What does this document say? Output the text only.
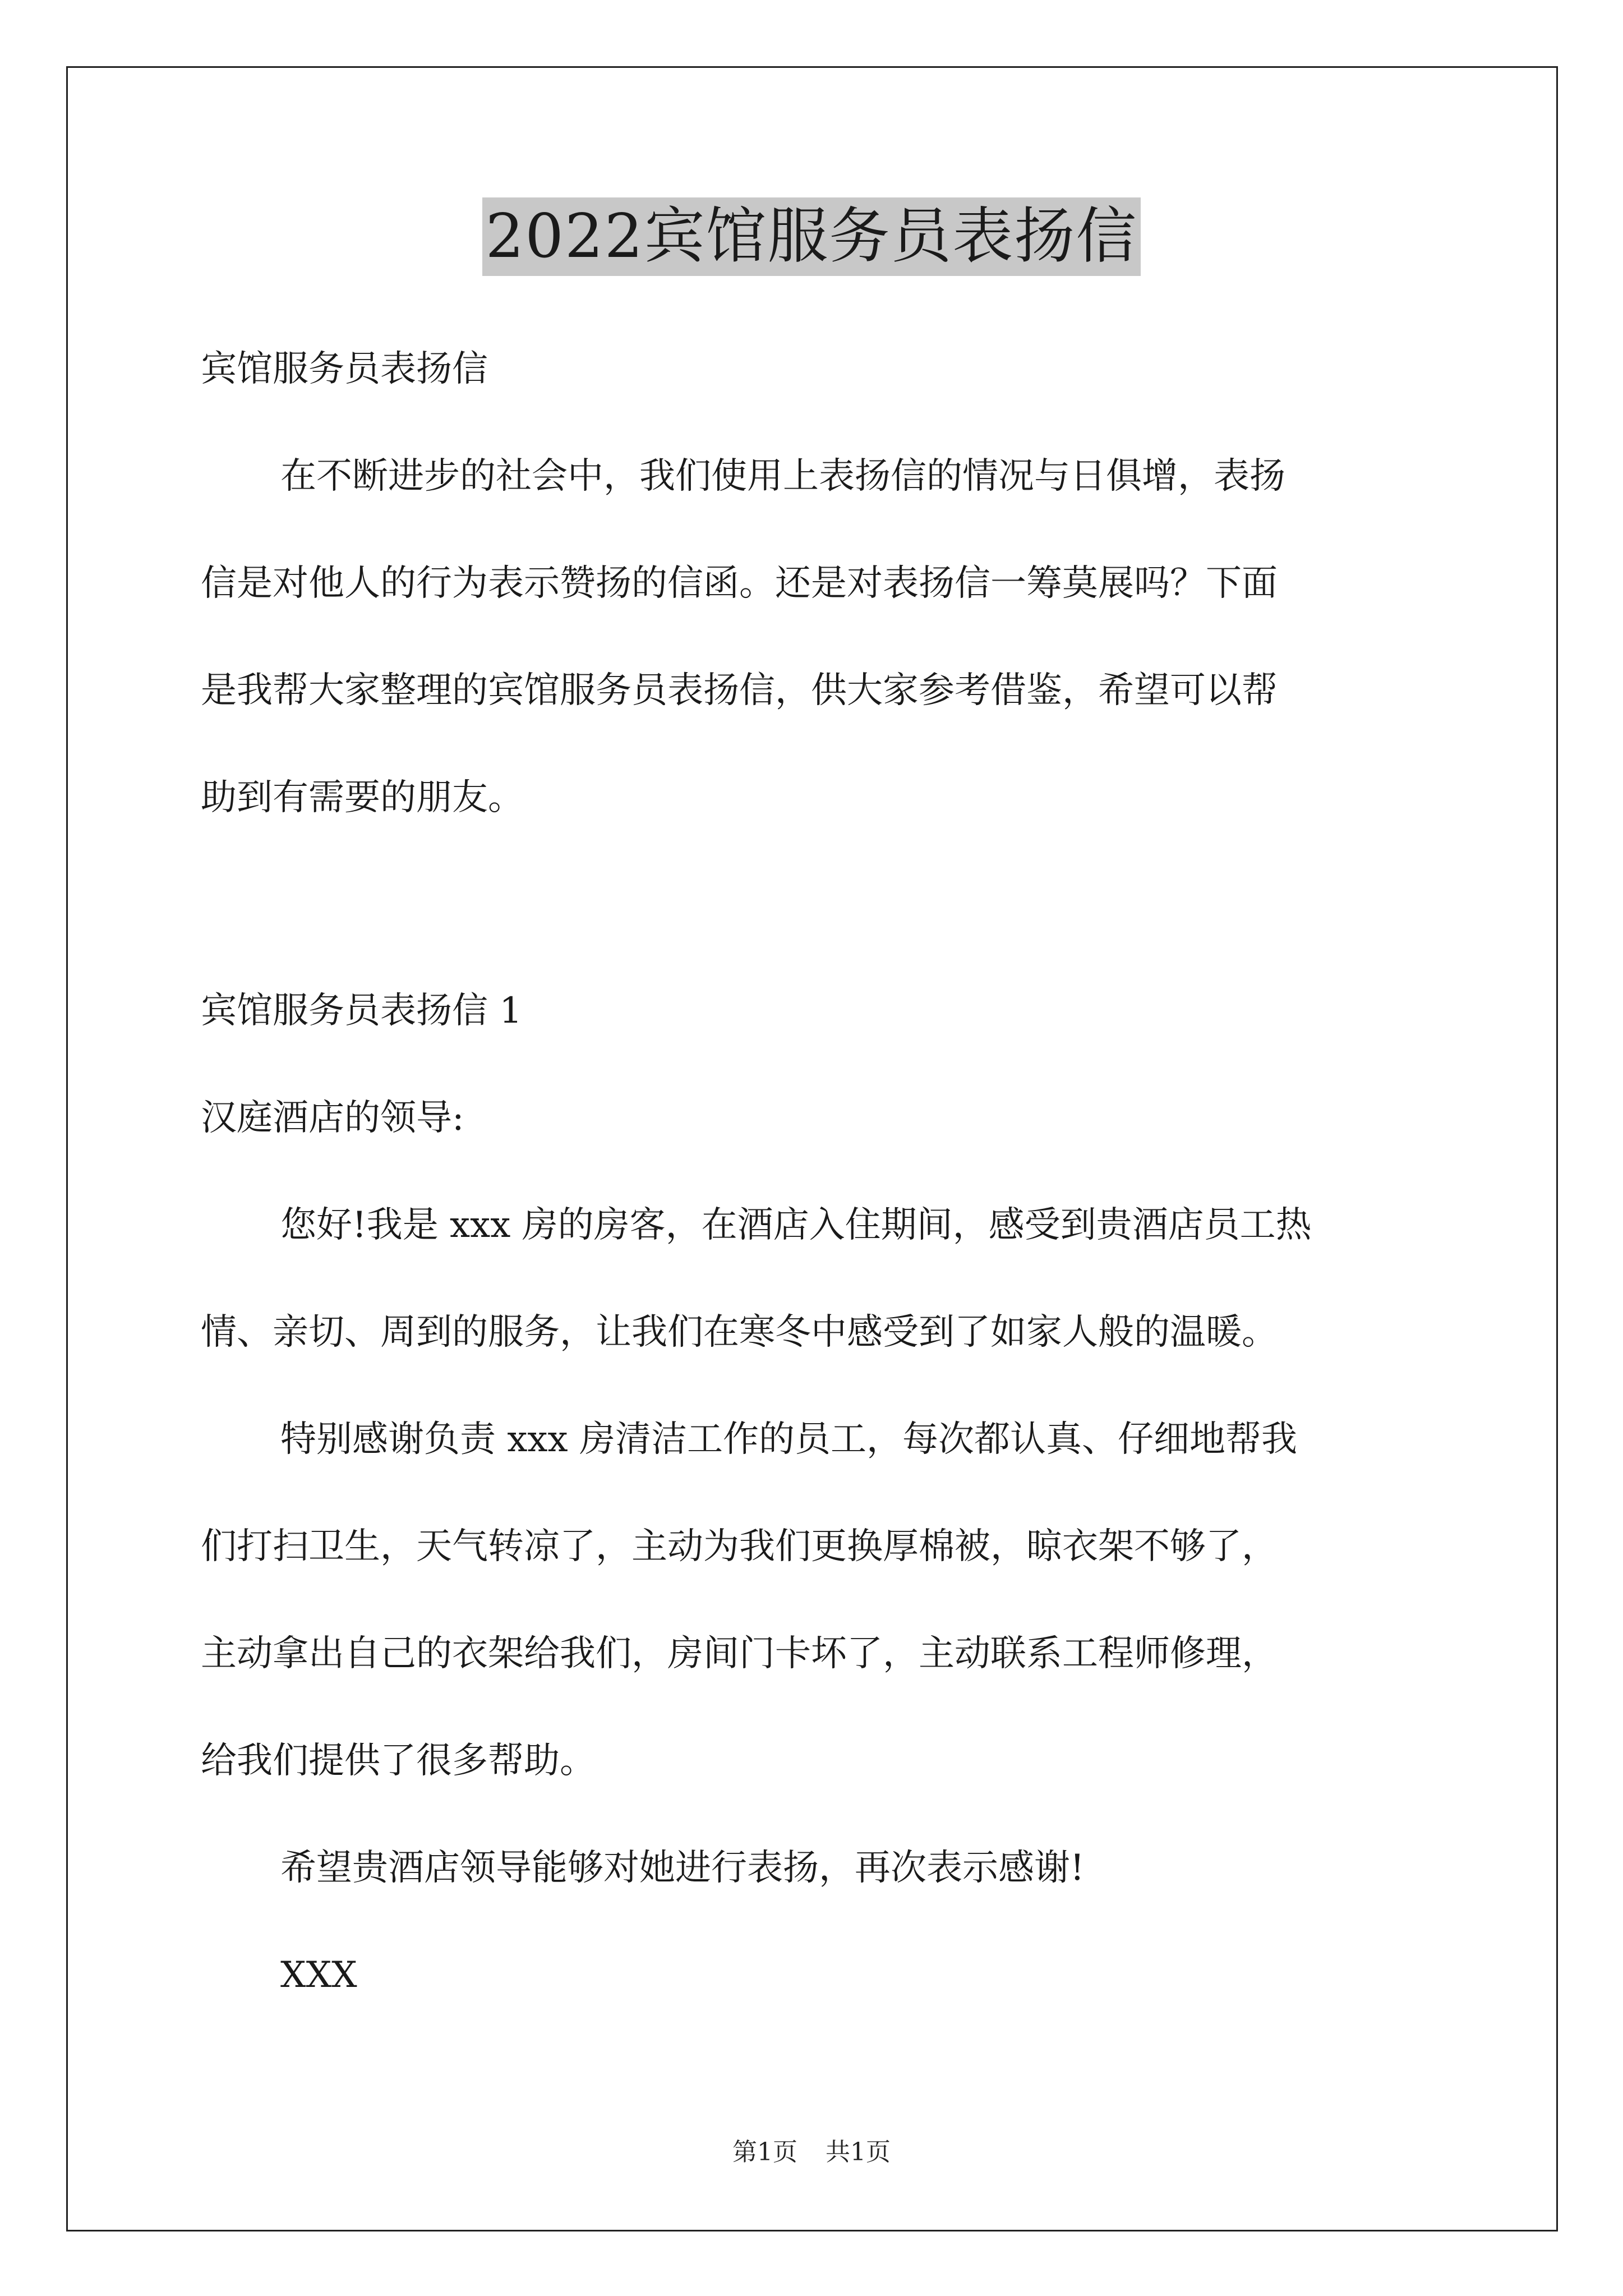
2022宾馆服务员表扬信
宾馆服务员表扬信
在不断进步的社会中，我们使用上表扬信的情况与日俱增，表扬
信是对他人的行为表示赞扬的信函。还是对表扬信一筹莫展吗？下面
是我帮大家整理的宾馆服务员表扬信，供大家参考借鉴，希望可以帮
助到有需要的朋友。
宾馆服务员表扬信 1
汉庭酒店的领导:
您好!我是 xxx 房的房客，在酒店入住期间，感受到贵酒店员工热
情、亲切、周到的服务，让我们在寒冬中感受到了如家人般的温暖。
特别感谢负责 xxx 房清洁工作的员工，每次都认真、仔细地帮我
们打扫卫生，天气转凉了，主动为我们更换厚棉被，晾衣架不够了，
主动拿出自己的衣架给我们，房间门卡坏了，主动联系工程师修理，
给我们提供了很多帮助。
希望贵酒店领导能够对她进行表扬，再次表示感谢!
XXX
第1页 共1页
